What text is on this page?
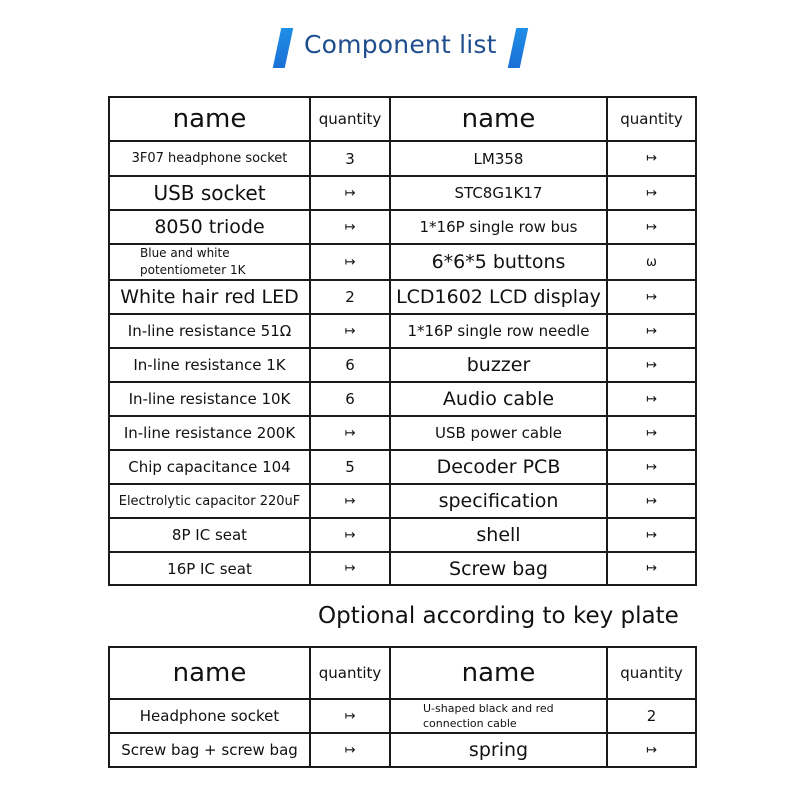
Component list
name	quantity	name	quantity
3F07 headphone socket	3	LM358	↦
USB socket	↦	STC8G1K17	↦
8050 triode	↦	1*16P single row bus	↦
Blue and white potentiometer 1K	↦	6*6*5 buttons	ω
White hair red LED	2	LCD1602 LCD display	↦
In-line resistance 51Ω	↦	1*16P single row needle	↦
In-line resistance 1K	6	buzzer	↦
In-line resistance 10K	6	Audio cable	↦
In-line resistance 200K	↦	USB power cable	↦
Chip capacitance 104	5	Decoder PCB	↦
Electrolytic capacitor 220uF	↦	specification	↦
8P IC seat	↦	shell	↦
16P IC seat	↦	Screw bag	↦
Optional according to key plate
name	quantity	name	quantity
Headphone socket	↦	U-shaped black and red connection cable	2
Screw bag + screw bag	↦	spring	↦
